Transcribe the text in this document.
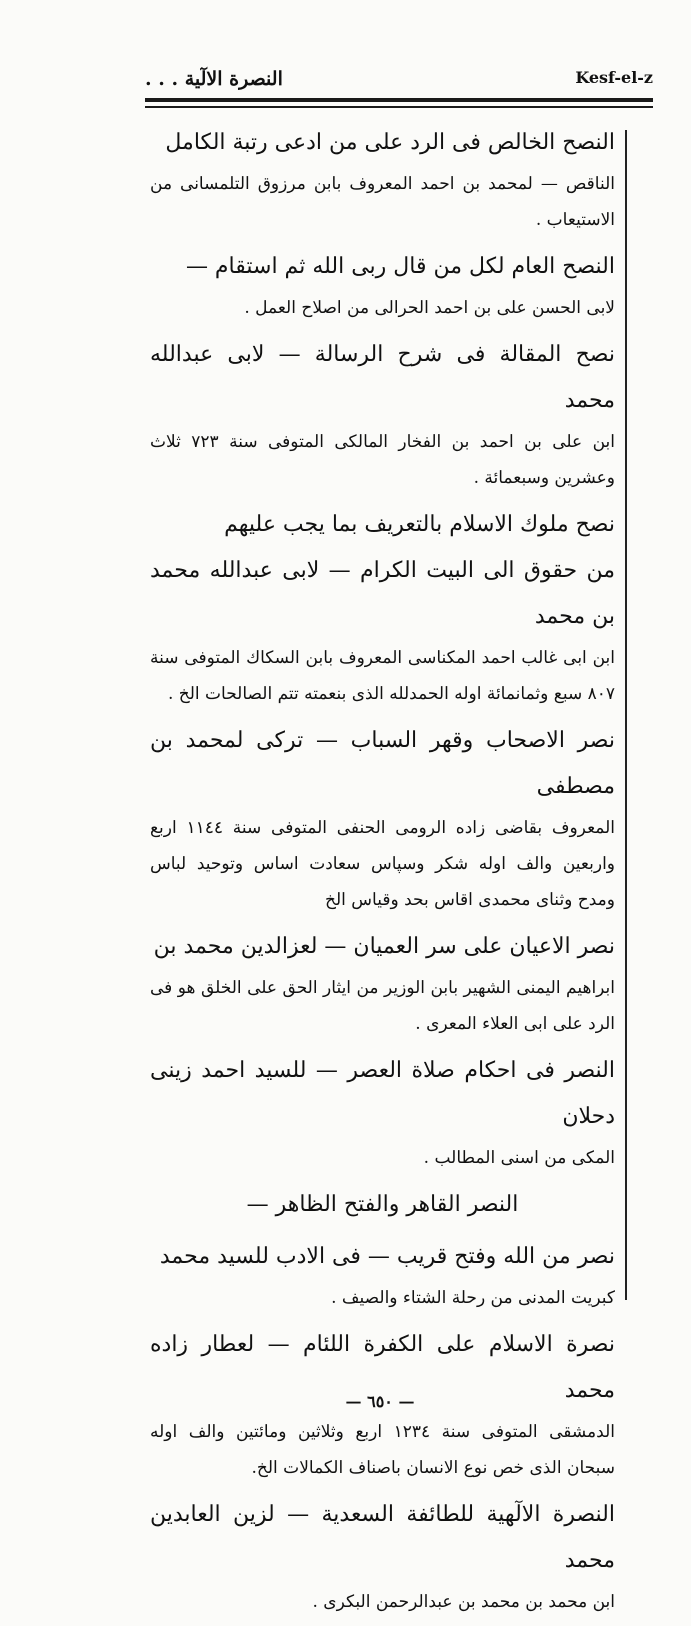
النصرة الالٓية . . .	Kesf-el-z

النصح الخالص فى الرد على من ادعى رتبة الكامل

الناقص — لمحمد بن احمد المعروف بابن مرزوق التلمسانى من الاستيعاب .

النصح العام لكل من قال ربى الله ثم استقام —

لابى الحسن على بن احمد الحرالى من اصلاح العمل .

نصح المقالة فى شرح الرسالة — لابى عبدالله محمد

ابن على بن احمد بن الفخار المالكى المتوفى سنة ٧٢٣ ثلاث وعشرين وسبعمائة .

نصح ملوك الاسلام بالتعريف بما يجب عليهم

من حقوق الى البيت الكرام — لابى عبدالله محمد بن محمد

ابن ابى غالب احمد المكناسى المعروف بابن السكاك المتوفى سنة ٨٠٧ سبع وثمانمائة اوله الحمدلله الذى بنعمته تتم الصالحات الخ .

نصر الاصحاب وقهر السباب — تركى لمحمد بن مصطفى

المعروف بقاضى زاده الرومى الحنفى المتوفى سنة ١١٤٤ اربع واربعين والف اوله شكر وسپاس سعادت اساس وتوحيد لباس ومدح وثناى محمدى اقاس بحد وقياس الخ

نصر الاعيان على سر العميان — لعزالدين محمد بن

ابراهيم اليمنى الشهير بابن الوزير من ايثار الحق على الخلق هو فى الرد على ابى العلاء المعرى .

النصر فى احكام صلاة العصر — للسيد احمد زينى دحلان

المكى من اسنى المطالب .

النصر القاهر والفتح الظاهر —

نصر من الله وفتح قريب — فى الادب للسيد محمد

كبريت المدنى من رحلة الشتاء والصيف .

نصرة الاسلام على الكفرة اللئام — لعطار زاده محمد

الدمشقى المتوفى سنة ١٢٣٤ اربع وثلاثين ومائتين والف اوله سبحان الذى خص نوع الانسان باصناف الكمالات الخ.

النصرة الالٓهية للطائفة السعدية — لزين العابدين محمد

ابن محمد بن محمد بن عبدالرحمن البكرى .

— ٦٥٠ —
